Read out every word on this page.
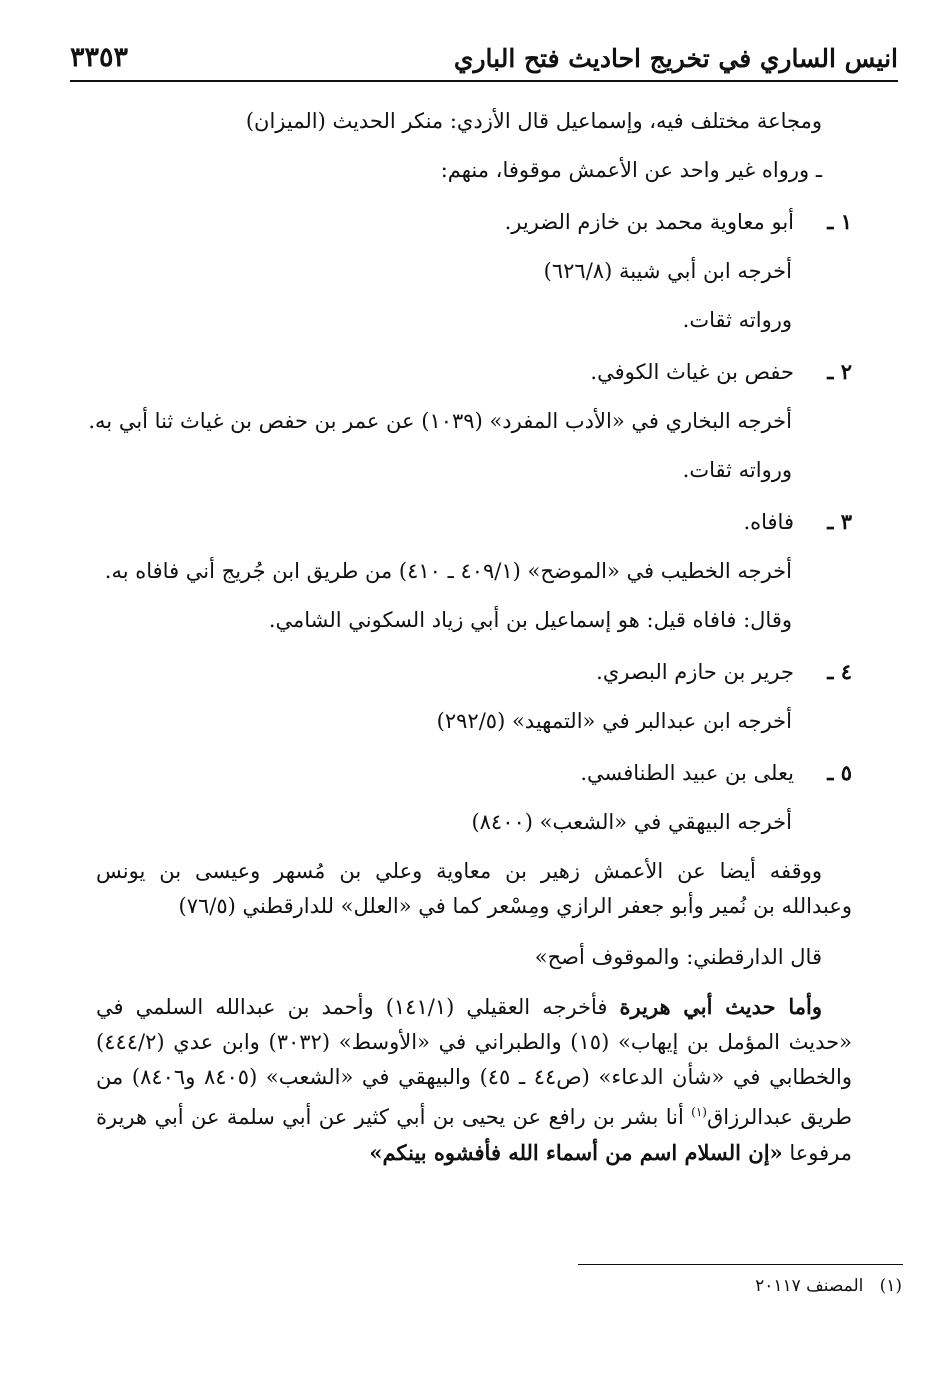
انيس الساري في تخريج احاديث فتح الباري
٣٣٥٣
ومجاعة مختلف فيه، وإسماعيل قال الأزدي: منكر الحديث (الميزان)
ـ ورواه غير واحد عن الأعمش موقوفا، منهم:
١ ـأبو معاوية محمد بن خازم الضرير.
أخرجه ابن أبي شيبة (٦٢٦/٨)
ورواته ثقات.
٢ ـحفص بن غياث الكوفي.
أخرجه البخاري في «الأدب المفرد» (١٠٣٩) عن عمر بن حفص بن غياث ثنا أبي به.
ورواته ثقات.
٣ ـفافاه.
أخرجه الخطيب في «الموضح» (٤٠٩/١ ـ ٤١٠) من طريق ابن جُريج أني فافاه به.
وقال: فافاه قيل: هو إسماعيل بن أبي زياد السكوني الشامي.
٤ ـجرير بن حازم البصري.
أخرجه ابن عبدالبر في «التمهيد» (٢٩٢/٥)
٥ ـيعلى بن عبيد الطنافسي.
أخرجه البيهقي في «الشعب» (٨٤٠٠)

ووقفه أيضا عن الأعمش زهير بن معاوية وعلي بن مُسهر وعيسى بن يونس

وعبدالله بن نُمير وأبو جعفر الرازي ومِسْعر كما في «العلل» للدارقطني (٧٦/٥)

قال الدارقطني: والموقوف أصح»

وأما حديث أبي هريرة فأخرجه العقيلي (١٤١/١) وأحمد بن عبدالله السلمي في

«حديث المؤمل بن إيهاب» (١٥) والطبراني في «الأوسط» (٣٠٣٢) وابن عدي (٤٤٤/٢)

والخطابي في «شأن الدعاء» (ص٤٤ ـ ٤٥) والبيهقي في «الشعب» (٨٤٠٥ و٨٤٠٦) من

طريق عبدالرزاق$^{(١)}$ أنا بشر بن رافع عن يحيى بن أبي كثير عن أبي سلمة عن أبي هريرة

مرفوعا «إن السلام اسم من أسماء الله فأفشوه بينكم»

(١)   المصنف ٢٠١١٧
